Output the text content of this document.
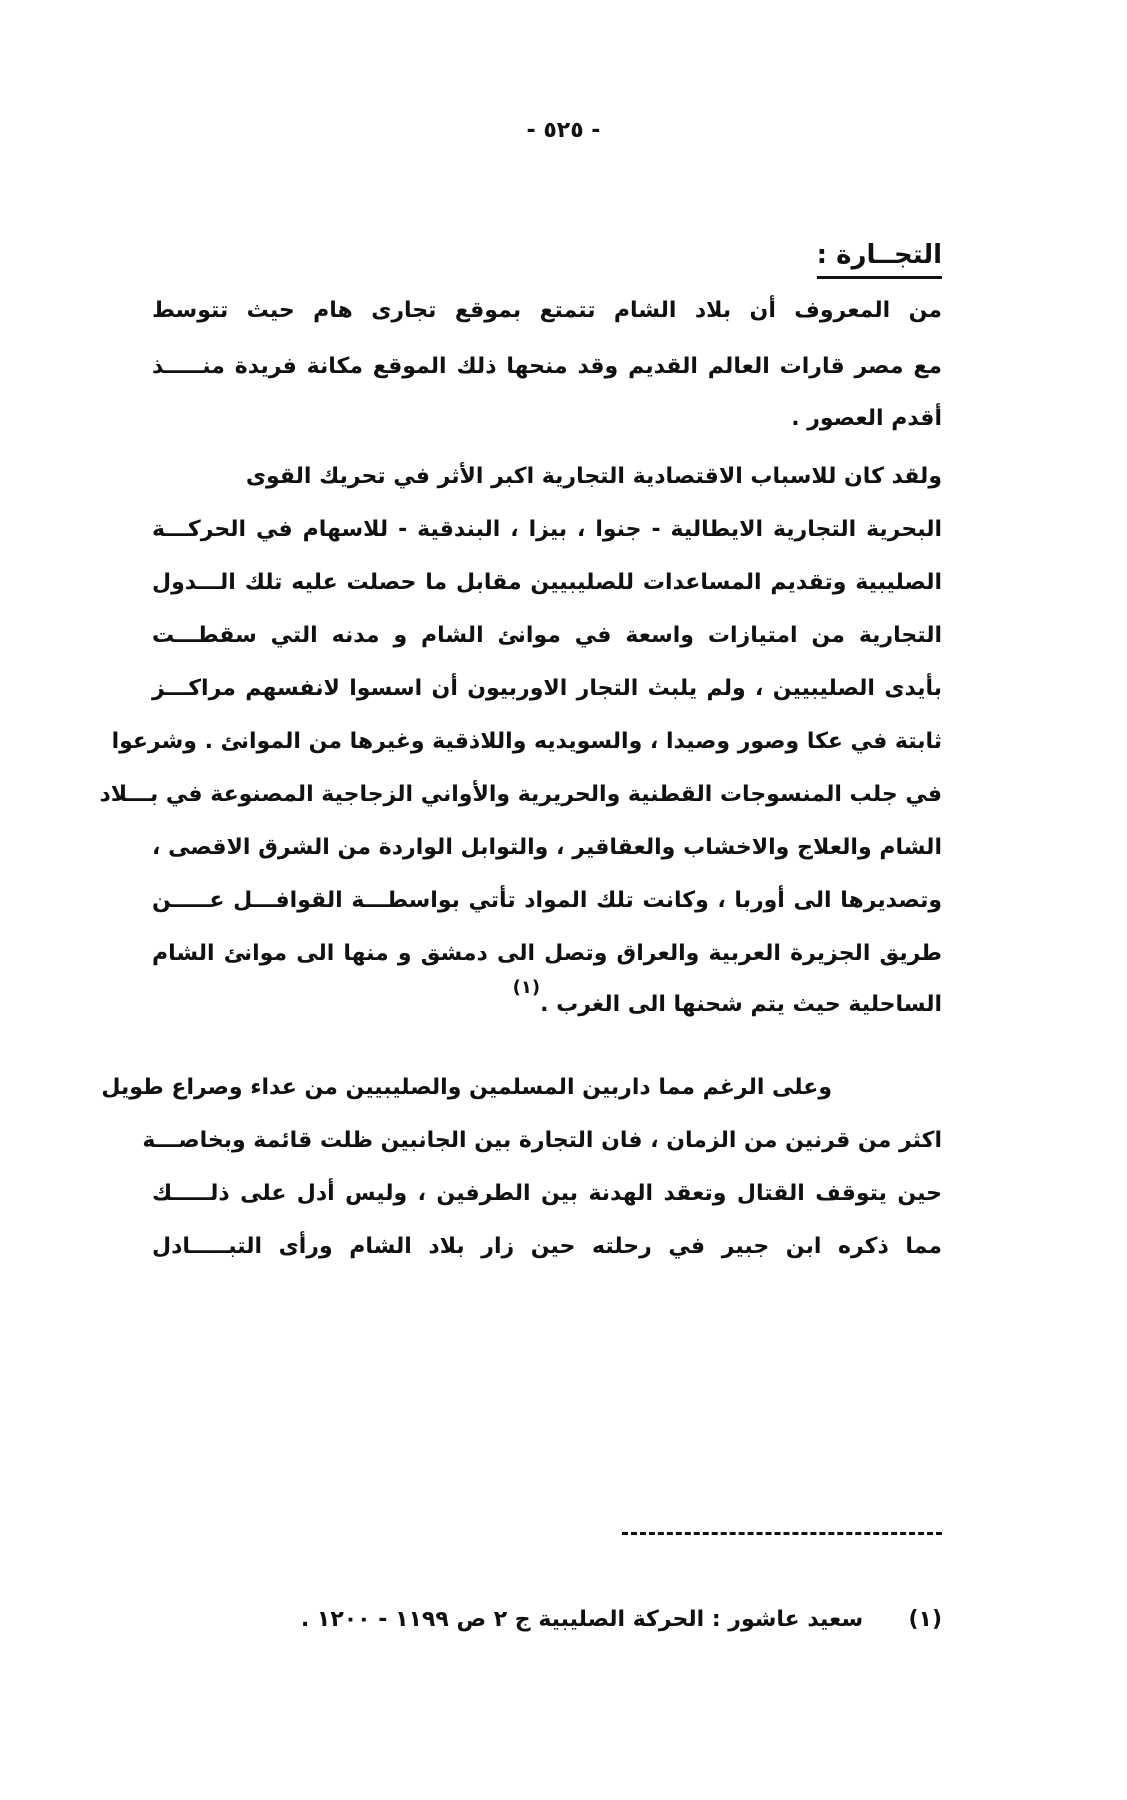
- ٥٢٥ -
التجــارة :
من المعروف أن بلاد الشام تتمتع بموقع تجارى هام حيث تتوسط
مع مصر قارات العالم القديم وقد منحها ذلك الموقع مكانة فريدة منـــــذ
أقدم العصور .
ولقد كان للاسباب الاقتصادية التجارية اكبر الأثر في تحريك القوى
البحرية التجارية الايطالية - جنوا ، بيزا ، البندقية - للاسهام في الحركـــة
الصليبية وتقديم المساعدات للصليبيين مقابل ما حصلت عليه تلك الـــدول
التجارية من امتيازات واسعة في موانئ الشام و مدنه التي سقطـــت
بأيدى الصليبيين ، ولم يلبث التجار الاوربيون أن اسسوا لانفسهم مراكـــز
ثابتة في عكا وصور وصيدا ، والسويديه واللاذقية وغيرها من الموانئ . وشرعوا
في جلب المنسوجات القطنية والحريرية والأواني الزجاجية المصنوعة في بـــلاد
الشام والعلاج والاخشاب والعقاقير ، والتوابل الواردة من الشرق الاقصى ،
وتصديرها الى أوربا ، وكانت تلك المواد تأتي بواسطـــة القوافـــل عـــــن
طريق الجزيرة العربية والعراق وتصل الى دمشق و منها الى موانئ الشام
الساحلية حيث يتم شحنها الى الغرب .$^{(١)}$
وعلى الرغم مما داربين المسلمين والصليبيين من عداء وصراع طويل
اكثر من قرنين من الزمان ، فان التجارة بين الجانبين ظلت قائمة وبخاصـــة
حين يتوقف القتال وتعقد الهدنة بين الطرفين ، وليس أدل على ذلـــــك
مما ذكره ابن جبير في رحلته حين زار بلاد الشام ورأى التبـــــادل
(١)  سعيد عاشور : الحركة الصليبية ج ٢ ص ١١٩٩ - ١٢٠٠ .
